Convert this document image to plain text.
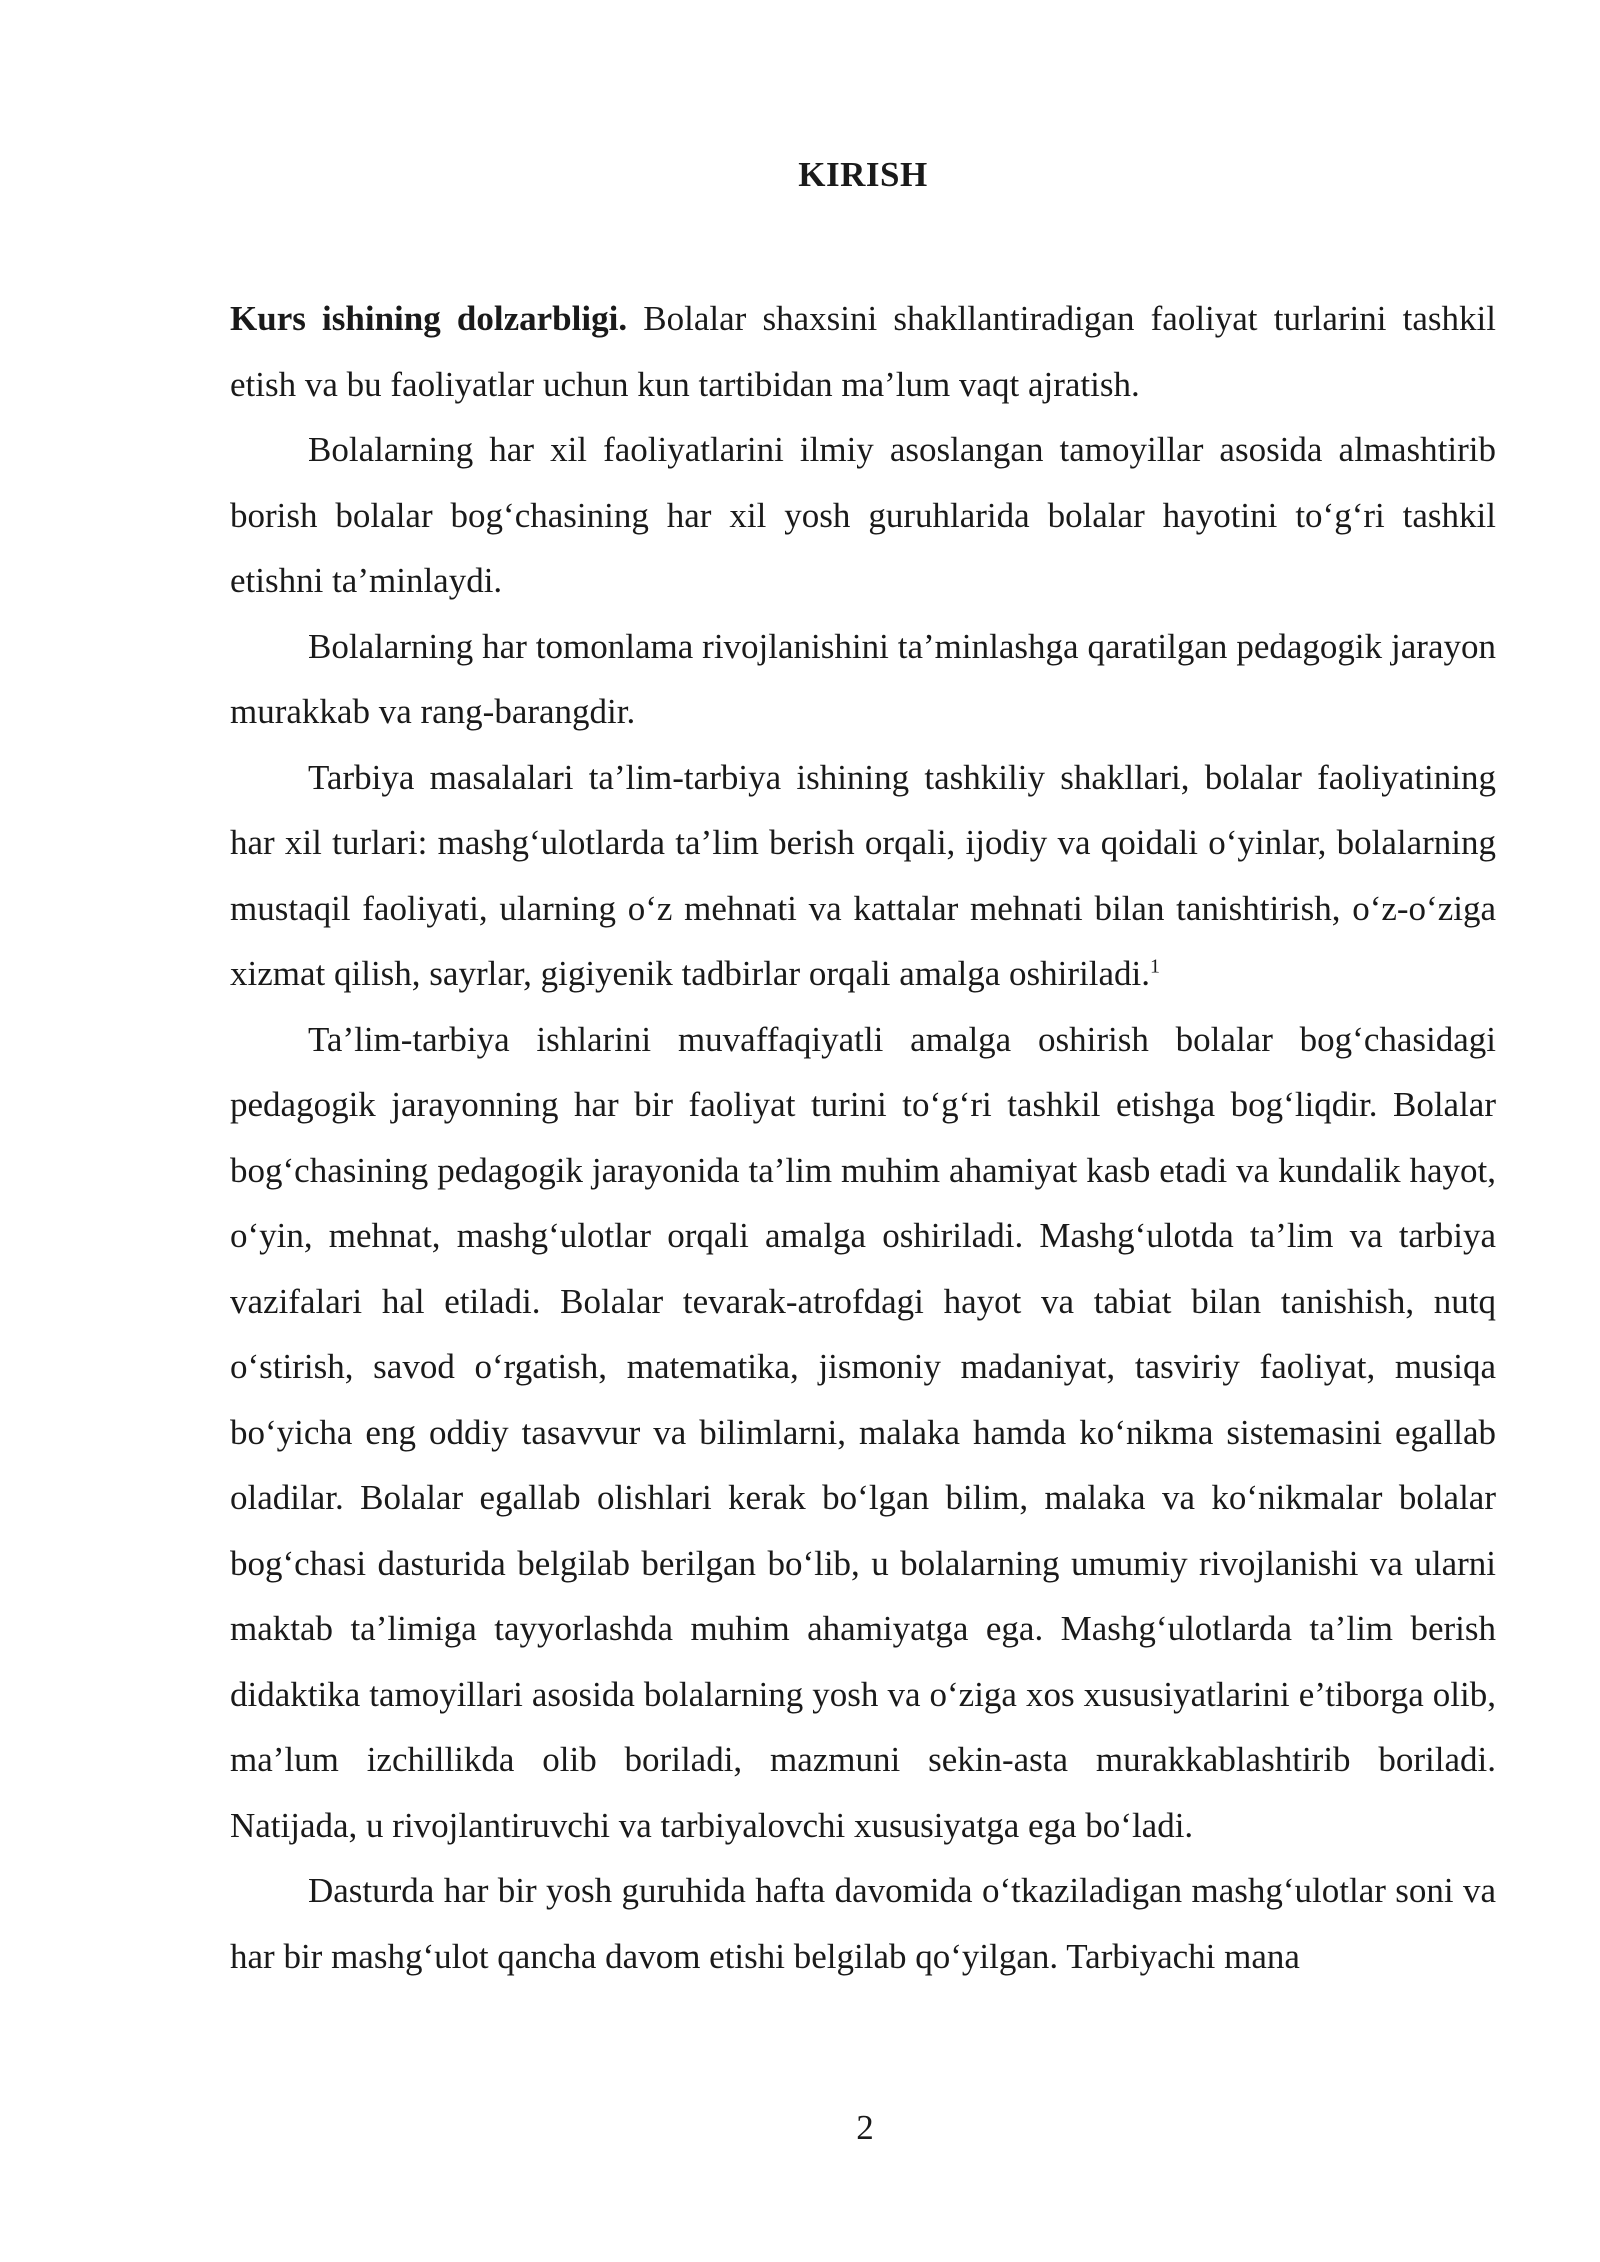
KIRISH

Kurs ishining dolzarbligi. Bolalar shaxsini shakllantiradigan faoliyat turlarini tashkil etish va bu faoliyatlar uchun kun tartibidan ma’lum vaqt ajratish.

Bolalarning har xil faoliyatlarini ilmiy asoslangan tamoyillar asosida almashtirib borish bolalar bog‘chasining har xil yosh guruhlarida bolalar hayotini to‘g‘ri tashkil etishni ta’minlaydi.

Bolalarning har tomonlama rivojlanishini ta’minlashga qaratilgan pedagogik jarayon murakkab va rang-barangdir.

Tarbiya masalalari ta’lim-tarbiya ishining tashkiliy shakllari, bolalar faoliyatining har xil turlari: mashg‘ulotlarda ta’lim berish orqali, ijodiy va qoidali o‘yinlar, bolalarning mustaqil faoliyati, ularning o‘z mehnati va kattalar mehnati bilan tanishtirish, o‘z-o‘ziga xizmat qilish, sayrlar, gigiyenik tadbirlar orqali amalga oshiriladi.$^1$

Ta’lim-tarbiya ishlarini muvaffaqiyatli amalga oshirish bolalar bog‘chasidagi pedagogik jarayonning har bir faoliyat turini to‘g‘ri tashkil etishga bog‘liqdir. Bolalar bog‘chasining pedagogik jarayonida ta’lim muhim ahamiyat kasb etadi va kundalik hayot, o‘yin, mehnat, mashg‘ulotlar orqali amalga oshiriladi. Mashg‘ulotda ta’lim va tarbiya vazifalari hal etiladi. Bolalar tevarak-atrofdagi hayot va tabiat bilan tanishish, nutq o‘stirish, savod o‘rgatish, matematika, jismoniy madaniyat, tasviriy faoliyat, musiqa bo‘yicha eng oddiy tasavvur va bilimlarni, malaka hamda ko‘nikma sistemasini egallab oladilar. Bolalar egallab olishlari kerak bo‘lgan bilim, malaka va ko‘nikmalar bolalar bog‘chasi dasturida belgilab berilgan bo‘lib, u bolalarning umumiy rivojlanishi va ularni maktab ta’limiga tayyorlashda muhim ahamiyatga ega. Mashg‘ulotlarda ta’lim berish didaktika tamoyillari asosida bolalarning yosh va o‘ziga xos xususiyatlarini e’tiborga olib, ma’lum izchillikda olib boriladi, mazmuni sekin-asta murakkablashtirib boriladi. Natijada, u rivojlantiruvchi va tarbiyalovchi xususiyatga ega bo‘ladi.

Dasturda har bir yosh guruhida hafta davomida o‘tkaziladigan mashg‘ulotlar soni va har bir mashg‘ulot qancha davom etishi belgilab qo‘yilgan. Tarbiyachi mana

2
